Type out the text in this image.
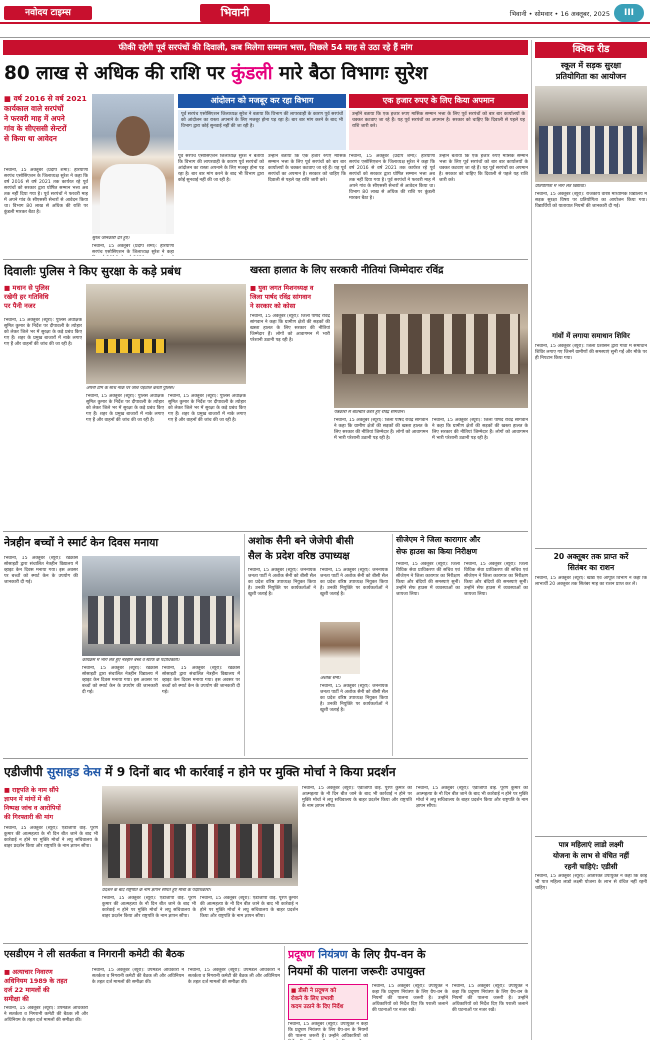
नवोदय टाइम्स	भिवानी	भिवानी • सोमवार • 16 अक्तूबर, 2025	III
फीकी रहेगी पूर्व सरपंचों की दिवाली, कब मिलेगा सम्मान भत्ता, पिछले 54 माह से उठा रहे हैं मांग
80 लाख से अधिक की राशि पर कुंडली मारे बैठा विभागः सुरेश
■ वर्ष 2016 से वर्ष 2021
कार्यकाल वाले सरपंचों
ने फरवरी माह में अपने
गांव के सीएससी सेन्टरों
से किया था आवेदन
भिवानी, 15 अक्तूबर (प्रदीप शर्मा): हरियाणा सरपंच एसोसिएशन के जिलाध्यक्ष सुरेश ने कहा कि वर्ष 2016 से वर्ष 2021 तक कार्यरत रहे पूर्व सरपंचों को सरकार द्वारा घोषित सम्मान भत्ता अब तक नहीं दिया गया है। पूर्व सरपंचों ने फरवरी माह में अपने गांव के सीएससी सेन्टरों से आवेदन किया था। विभाग 80 लाख से अधिक की राशि पर कुंडली मारकर बैठा है।
सुरेश जानकारी देते हुए।
भिवानी, 15 अक्तूबर (प्रदीप शर्मा): हरियाणा सरपंच एसोसिएशन के जिलाध्यक्ष सुरेश ने कहा
आंदोलन को मजबूर कर रहा विभाग
पूर्व सरपंच एसोसिएशन जिलाध्यक्ष सुरेश ने बताया कि विभाग की लापरवाही के कारण पूर्व सरपंचों को आंदोलन का रास्ता अपनाने के लिए मजबूर होना पड़ रहा है। बार बार मांग करने के बाद भी विभाग द्वारा कोई सुनवाई नहीं की जा रही है।
एक हजार रुपए के लिए किया अपमान
उन्होंने बताया कि एक हजार रुपए मासिक सम्मान भत्ता के लिए पूर्व सरपंचों को बार बार कार्यालयों के चक्कर कटवाए जा रहे हैं। यह पूर्व सरपंचों का अपमान है। सरकार को चाहिए कि दिवाली से पहले यह राशि जारी करे।
पूर्व सरपंच एसोसिएशन जिलाध्यक्ष सुरेश ने बताया कि विभाग की लापरवाही के कारण पूर्व सरपंचों को आंदोलन का रास्ता अपनाने के लिए मजबूर होना पड़ रहा है। बार बार मांग करने के बाद भी विभाग द्वारा कोई सुनवाई नहीं की जा रही है।
उन्होंने बताया कि एक हजार रुपए मासिक सम्मान भत्ता के लिए पूर्व सरपंचों को बार बार कार्यालयों के चक्कर कटवाए जा रहे हैं। यह पूर्व सरपंचों का अपमान है। सरकार को चाहिए कि दिवाली से पहले यह राशि जारी करे।
भिवानी, 15 अक्तूबर (प्रदीप शर्मा): हरियाणा सरपंच एसोसिएशन के जिलाध्यक्ष सुरेश ने कहा कि वर्ष 2016 से वर्ष 2021 तक कार्यरत रहे पूर्व सरपंचों को सरकार द्वारा घोषित सम्मान भत्ता अब तक नहीं दिया गया है। पूर्व सरपंचों ने फरवरी माह में अपने गांव के सीएससी सेन्टरों से आवेदन किया था। विभाग 80 लाख से अधिक की राशि पर कुंडली मारकर बैठा है।
उन्होंने बताया कि एक हजार रुपए मासिक सम्मान भत्ता के लिए पूर्व सरपंचों को बार बार कार्यालयों के चक्कर कटवाए जा रहे हैं। यह पूर्व सरपंचों का अपमान है। सरकार को चाहिए कि दिवाली से पहले यह राशि जारी करे।
दिवालीः पुलिस ने किए सुरक्षा के कड़े प्रबंध	खस्ता हालात के लिए सरकारी नीतियां जिम्मेदारः रविंद्र
■ मधान से पुलिस
रखेगी हर गतिविधि
पर पैनी नजर
भिवानी, 15 अक्तूबर (ब्यूरो): पुलिस अधीक्षक सुमित कुमार के निर्देश पर दीपावली के त्योहार को लेकर जिले भर में सुरक्षा के कड़े प्रबंध किए गए हैं। शहर के प्रमुख बाजारों में नाके लगाए गए हैं और वाहनों की जांच की जा रही है।
अपनी टीम के साथ नाके पर जांच पड़ताल करती पुलिस।
भिवानी, 15 अक्तूबर (ब्यूरो): पुलिस अधीक्षक सुमित कुमार के निर्देश पर दीपावली के त्योहार को लेकर जिले भर में सुरक्षा के कड़े प्रबंध किए गए हैं। शहर के प्रमुख बाजारों में नाके लगाए गए हैं और वाहनों की जांच की जा रही है।
भिवानी, 15 अक्तूबर (ब्यूरो): पुलिस अधीक्षक सुमित कुमार के निर्देश पर दीपावली के त्योहार को लेकर जिले भर में सुरक्षा के कड़े प्रबंध किए गए हैं। शहर के प्रमुख बाजारों में नाके लगाए गए हैं और वाहनों की जांच की जा रही है।
■ युवा जगत मिशनध्यक्ष व
जिला पार्षद रविंद्र सांगवान
ने सरकार को कोसा
भिवानी, 15 अक्तूबर (ब्यूरो): जिला पार्षद रविंद्र सांगवान ने कहा कि ग्रामीण क्षेत्रों की सड़कों की खस्ता हालत के लिए सरकार की नीतियां जिम्मेदार हैं। लोगों को आवागमन में भारी परेशानी उठानी पड़ रही है।
पत्रकारों से बातचीत करते हुए रविंद्र सांगवान।
भिवानी, 15 अक्तूबर (ब्यूरो): जिला पार्षद रविंद्र सांगवान ने कहा कि ग्रामीण क्षेत्रों की सड़कों की खस्ता हालत के लिए सरकार की नीतियां जिम्मेदार हैं। लोगों को आवागमन में भारी परेशानी उठानी पड़ रही है।
भिवानी, 15 अक्तूबर (ब्यूरो): जिला पार्षद रविंद्र सांगवान ने कहा कि ग्रामीण क्षेत्रों की सड़कों की खस्ता हालत के लिए सरकार की नीतियां जिम्मेदार हैं। लोगों को आवागमन में भारी परेशानी उठानी पड़ रही है।
नेत्रहीन बच्चों ने स्मार्ट केन दिवस मनाया
भिवानी, 15 अक्तूबर (ब्यूरो): रेडक्रॉस सोसाइटी द्वारा संचालित नेत्रहीन विद्यालय में व्हाइट केन दिवस मनाया गया। इस अवसर पर बच्चों को स्मार्ट केन के उपयोग की जानकारी दी गई।
कार्यक्रम में भाग लेते हुए नेत्रहीन बच्चे व स्टाफ के पदाधिकारी।
भिवानी, 15 अक्तूबर (ब्यूरो): रेडक्रॉस सोसाइटी द्वारा संचालित नेत्रहीन विद्यालय में व्हाइट केन दिवस मनाया गया। इस अवसर पर बच्चों को स्मार्ट केन के उपयोग की जानकारी दी गई।
भिवानी, 15 अक्तूबर (ब्यूरो): रेडक्रॉस सोसाइटी द्वारा संचालित नेत्रहीन विद्यालय में व्हाइट केन दिवस मनाया गया। इस अवसर पर बच्चों को स्मार्ट केन के उपयोग की जानकारी दी गई।
अशोक सैनी बने जेजेपी बीसी
सैल के प्रदेश वरिष्ठ उपाध्यक्ष
भिवानी, 15 अक्तूबर (ब्यूरो): जननायक जनता पार्टी ने अशोक सैनी को बीसी सैल का प्रदेश वरिष्ठ उपाध्यक्ष नियुक्त किया है। उनकी नियुक्ति पर कार्यकर्ताओं ने खुशी जताई है।
भिवानी, 15 अक्तूबर (ब्यूरो): जननायक जनता पार्टी ने अशोक सैनी को बीसी सैल का प्रदेश वरिष्ठ उपाध्यक्ष नियुक्त किया है। उनकी नियुक्ति पर कार्यकर्ताओं ने खुशी जताई है।
अशोक सैनी।
भिवानी, 15 अक्तूबर (ब्यूरो): जननायक जनता पार्टी ने अशोक सैनी को बीसी सैल का प्रदेश वरिष्ठ उपाध्यक्ष नियुक्त किया है। उनकी नियुक्ति पर कार्यकर्ताओं ने खुशी जताई है।
सीजेएम ने जिला कारागार और
सेफ हाउस का किया निरीक्षण
भिवानी, 15 अक्तूबर (ब्यूरो): जिला विधिक सेवा प्राधिकरण की सचिव एवं सीजेएम ने जिला कारागार का निरीक्षण किया और बंदियों की समस्याएं सुनीं। उन्होंने सेफ हाउस में व्यवस्थाओं का जायजा लिया।
भिवानी, 15 अक्तूबर (ब्यूरो): जिला विधिक सेवा प्राधिकरण की सचिव एवं सीजेएम ने जिला कारागार का निरीक्षण किया और बंदियों की समस्याएं सुनीं। उन्होंने सेफ हाउस में व्यवस्थाओं का जायजा लिया।
एडीजीपी सुसाइड केस में 9 दिनों बाद भी कार्रवाई न होने पर मुक्ति मोर्चा ने किया प्रदर्शन
■ राष्ट्रपति के नाम सौंपे
ज्ञापन में मांगों में की
निष्पक्ष जांच व आरोपियों
की गिरफ्तारी की मांग
भिवानी, 15 अक्तूबर (ब्यूरो): एडीजीपी वाई. पूरण कुमार की आत्महत्या के नौ दिन बीत जाने के बाद भी कार्रवाई न होने पर मुक्ति मोर्चा ने लघु सचिवालय के बाहर प्रदर्शन किया और राष्ट्रपति के नाम ज्ञापन सौंपा।
प्रदर्शन के बाद राष्ट्रपति के नाम ज्ञापन सौंपते हुए मोर्चा के पदाधिकारी।
भिवानी, 15 अक्तूबर (ब्यूरो): एडीजीपी वाई. पूरण कुमार की आत्महत्या के नौ दिन बीत जाने के बाद भी कार्रवाई न होने पर मुक्ति मोर्चा ने लघु सचिवालय के बाहर प्रदर्शन किया और राष्ट्रपति के नाम ज्ञापन सौंपा।
भिवानी, 15 अक्तूबर (ब्यूरो): एडीजीपी वाई. पूरण कुमार की आत्महत्या के नौ दिन बीत जाने के बाद भी कार्रवाई न होने पर मुक्ति मोर्चा ने लघु सचिवालय के बाहर प्रदर्शन किया और राष्ट्रपति के नाम ज्ञापन सौंपा।
भिवानी, 15 अक्तूबर (ब्यूरो): एडीजीपी वाई. पूरण कुमार की आत्महत्या के नौ दिन बीत जाने के बाद भी कार्रवाई न होने पर मुक्ति मोर्चा ने लघु सचिवालय के बाहर प्रदर्शन किया और राष्ट्रपति के नाम ज्ञापन सौंपा।
भिवानी, 15 अक्तूबर (ब्यूरो): एडीजीपी वाई. पूरण कुमार की आत्महत्या के नौ दिन बीत जाने के बाद भी कार्रवाई न होने पर मुक्ति मोर्चा ने लघु सचिवालय के बाहर प्रदर्शन किया और राष्ट्रपति के नाम ज्ञापन सौंपा।
एसडीएम ने ली सतर्कता व निगरानी कमेटी की बैठक
■ अत्याचार निवारण
अधिनियम 1989 के तहत
दर्ज 22 मामलों की
समीक्षा की
भिवानी, 15 अक्तूबर (ब्यूरो): उपमंडल अधिकारी ने सतर्कता व निगरानी कमेटी की बैठक ली और अधिनियम के तहत दर्ज मामलों की समीक्षा की।
भिवानी, 15 अक्तूबर (ब्यूरो): उपमंडल अधिकारी ने सतर्कता व निगरानी कमेटी की बैठक ली और अधिनियम के तहत दर्ज मामलों की समीक्षा की।
भिवानी, 15 अक्तूबर (ब्यूरो): उपमंडल अधिकारी ने सतर्कता व निगरानी कमेटी की बैठक ली और अधिनियम के तहत दर्ज मामलों की समीक्षा की।
प्रदूषण नियंत्रण के लिए ग्रैप-वन के
नियमों की पालना जरूरीः उपायुक्त
■ डीसी ने प्रदूषण को
रोकने के लिए प्रभावी
कदम उठाने के दिए निर्देश
भिवानी, 15 अक्तूबर (ब्यूरो): उपायुक्त ने कहा कि प्रदूषण नियंत्रण के लिए ग्रैप-वन के नियमों की पालना जरूरी है। उन्होंने अधिकारियों को
भिवानी, 15 अक्तूबर (ब्यूरो): उपायुक्त ने कहा कि प्रदूषण नियंत्रण के लिए ग्रैप-वन के नियमों की पालना जरूरी है। उन्होंने अधिकारियों को निर्देश दिए कि पराली जलाने की घटनाओं पर नजर रखें।
भिवानी, 15 अक्तूबर (ब्यूरो): उपायुक्त ने कहा कि प्रदूषण नियंत्रण के लिए ग्रैप-वन के नियमों की पालना जरूरी है। उन्होंने अधिकारियों को निर्देश दिए कि पराली जलाने की घटनाओं पर नजर रखें।
क्विक रीड
स्कूल में सड़क सुरक्षा
प्रतियोगिता का आयोजन
प्रतियोगिता में भाग लेते विद्यार्थी।
भिवानी, 15 अक्तूबर (ब्यूरो): राजकीय वरिष्ठ माध्यमिक विद्यालय में सड़क सुरक्षा विषय पर प्रतियोगिता का आयोजन किया गया। विद्यार्थियों को यातायात नियमों की जानकारी दी गई।
गांवों में लगाया समाधान शिविर
भिवानी, 15 अक्तूबर (ब्यूरो): जिला प्रशासन द्वारा गांवों में समाधान शिविर लगाए गए जिनमें ग्रामीणों की समस्याएं सुनी गईं और मौके पर ही निपटान किया गया।
20 अक्तूबर तक प्राप्त करें
सितंबर का राशन
भिवानी, 15 अक्तूबर (ब्यूरो): खाद्य एवं आपूर्ति विभाग ने कहा कि लाभार्थी 20 अक्तूबर तक सितंबर माह का राशन प्राप्त कर लें।
पात्र महिलाएं लाडो लक्ष्मी
योजना के लाभ से वंचित नहीं
रहनी चाहिएं: एडीसी
भिवानी, 15 अक्तूबर (ब्यूरो): अतिरिक्त उपायुक्त ने कहा कि कोई भी पात्र महिला लाडो लक्ष्मी योजना के लाभ से वंचित नहीं रहनी चाहिए।
